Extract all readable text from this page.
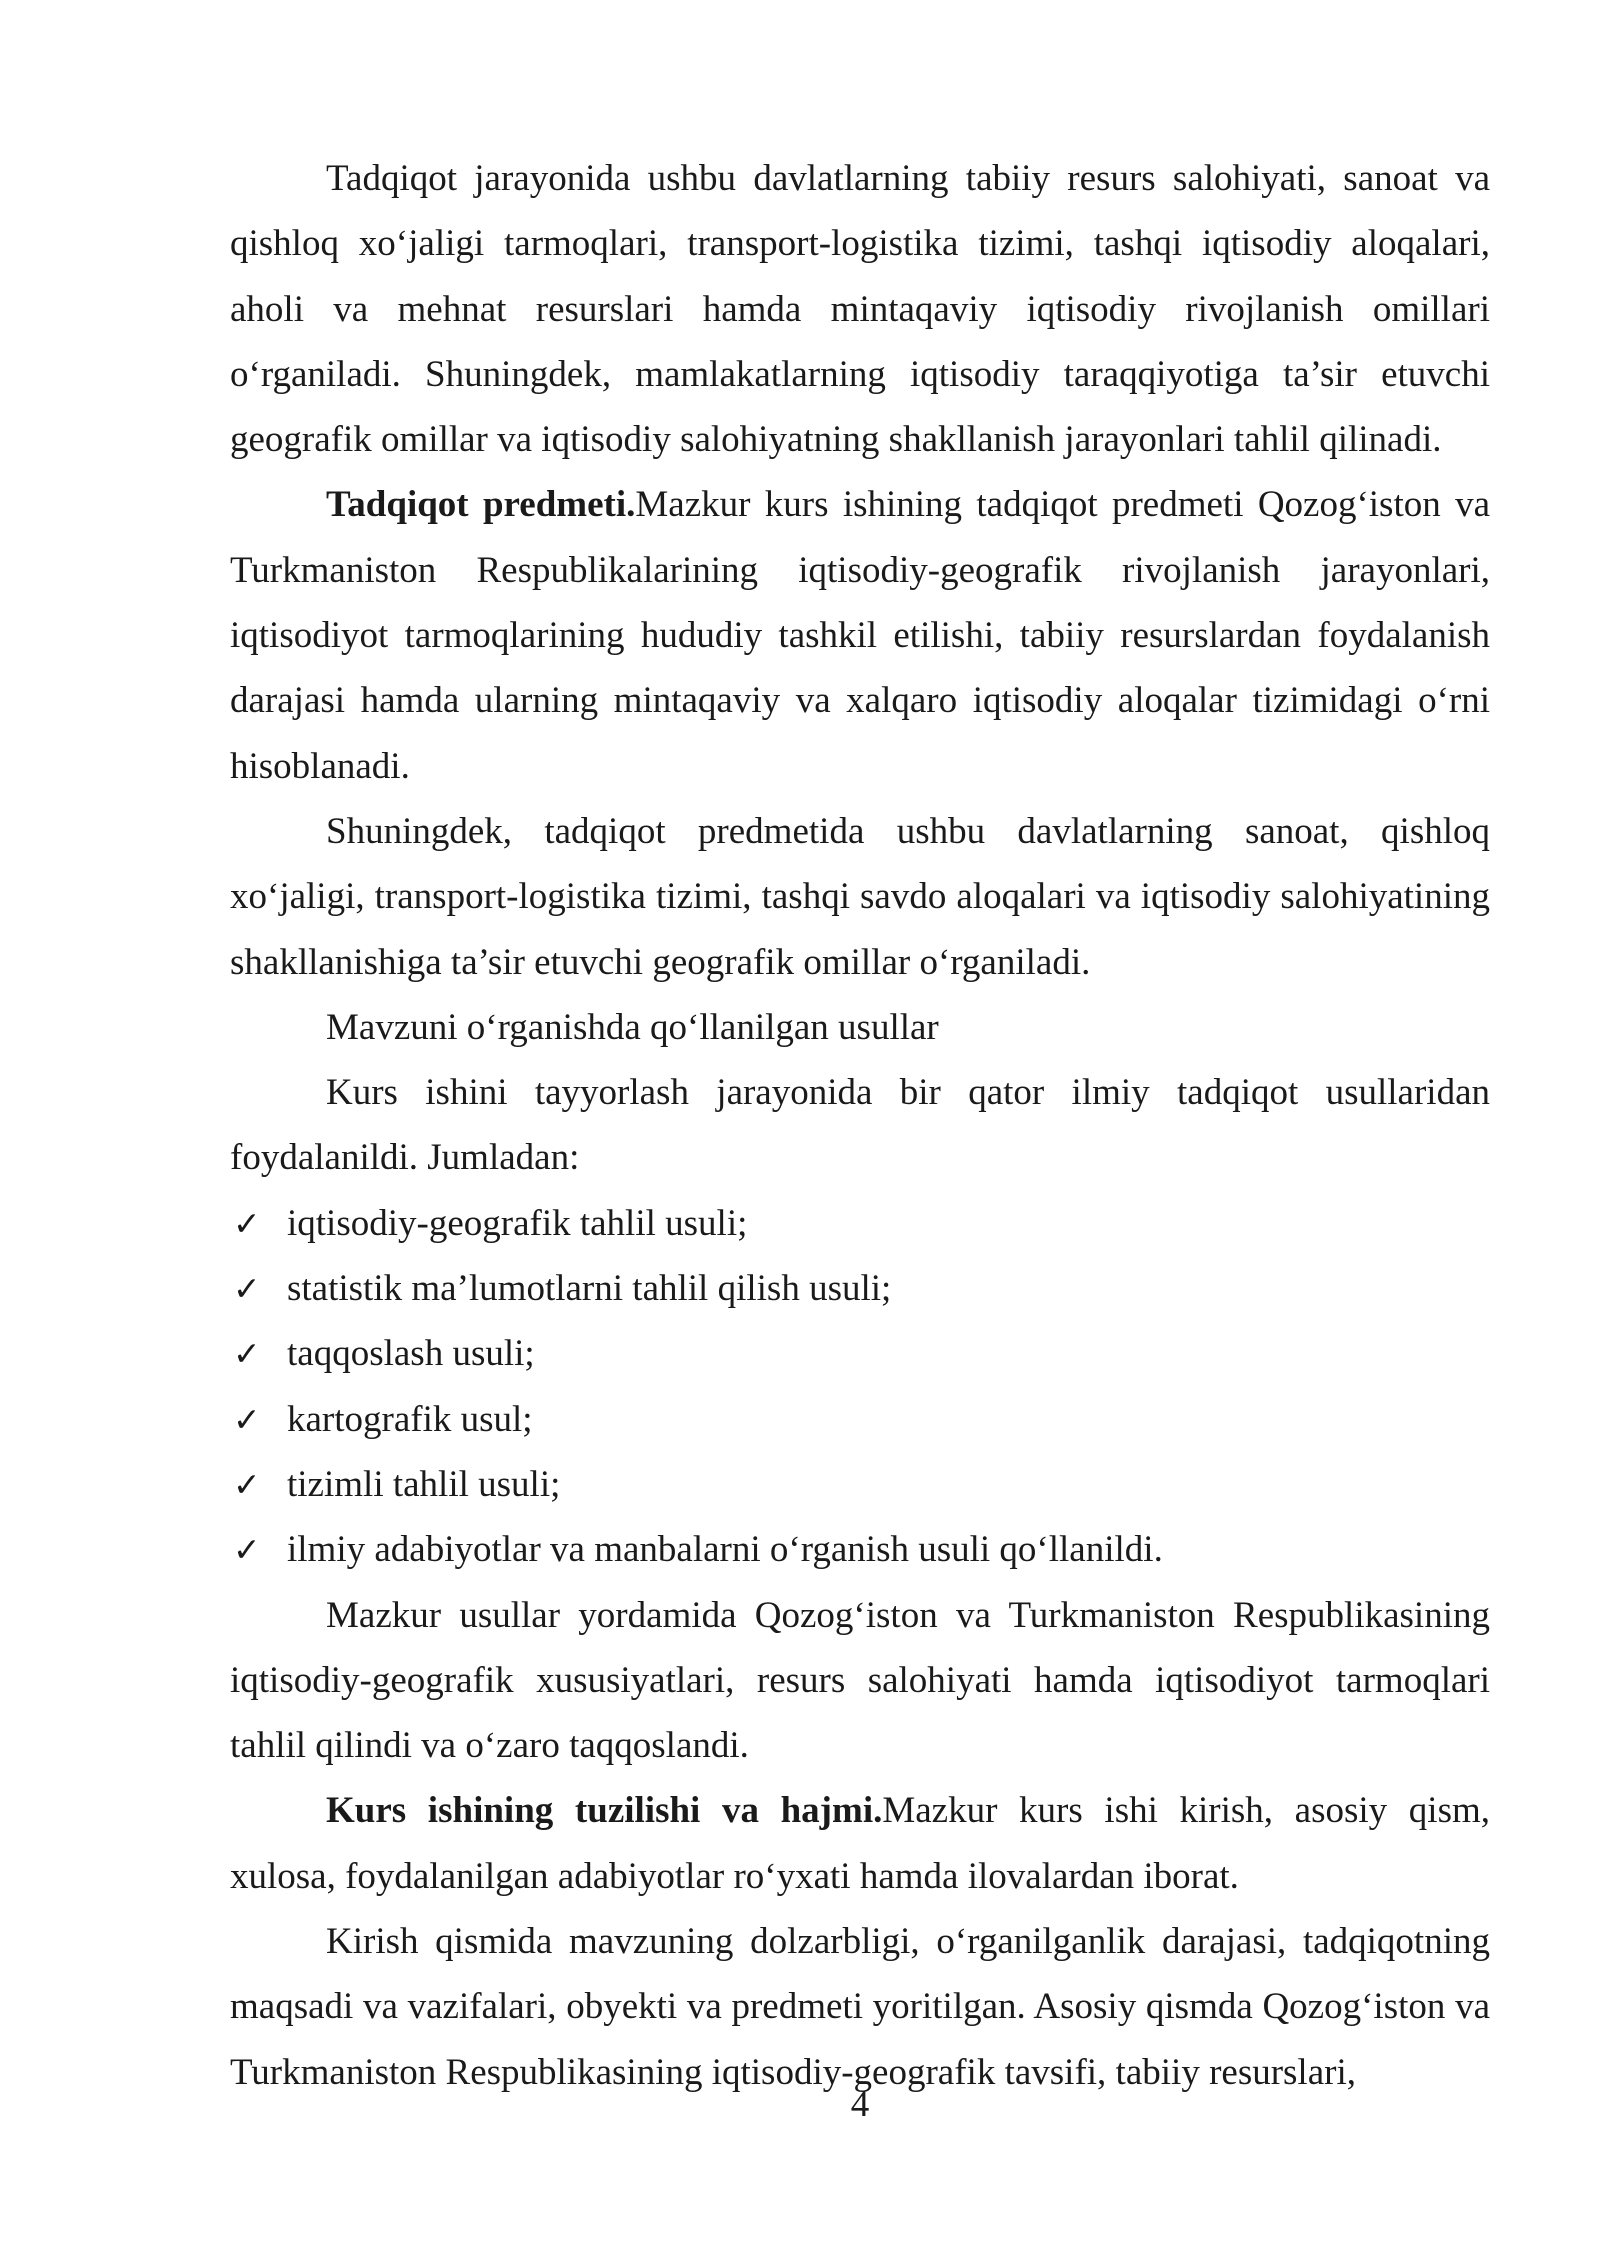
Tadqiqot jarayonida ushbu davlatlarning tabiiy resurs salohiyati, sanoat va qishloq xo‘jaligi tarmoqlari, transport-logistika tizimi, tashqi iqtisodiy aloqalari, aholi va mehnat resurslari hamda mintaqaviy iqtisodiy rivojlanish omillari o‘rganiladi. Shuningdek, mamlakatlarning iqtisodiy taraqqiyotiga ta’sir etuvchi geografik omillar va iqtisodiy salohiyatning shakllanish jarayonlari tahlil qilinadi.

Tadqiqot predmeti.Mazkur kurs ishining tadqiqot predmeti Qozog‘iston va Turkmaniston Respublikalarining iqtisodiy-geografik rivojlanish jarayonlari, iqtisodiyot tarmoqlarining hududiy tashkil etilishi, tabiiy resurslardan foydalanish darajasi hamda ularning mintaqaviy va xalqaro iqtisodiy aloqalar tizimidagi o‘rni hisoblanadi.

Shuningdek, tadqiqot predmetida ushbu davlatlarning sanoat, qishloq xo‘jaligi, transport-logistika tizimi, tashqi savdo aloqalari va iqtisodiy salohiyatining shakllanishiga ta’sir etuvchi geografik omillar o‘rganiladi.

Mavzuni o‘rganishda qo‘llanilgan usullar

Kurs ishini tayyorlash jarayonida bir qator ilmiy tadqiqot usullaridan foydalanildi. Jumladan:

✓ iqtisodiy-geografik tahlil usuli;
✓ statistik ma’lumotlarni tahlil qilish usuli;
✓ taqqoslash usuli;
✓ kartografik usul;
✓ tizimli tahlil usuli;
✓ ilmiy adabiyotlar va manbalarni o‘rganish usuli qo‘llanildi.

Mazkur usullar yordamida Qozog‘iston va Turkmaniston Respublikasining iqtisodiy-geografik xususiyatlari, resurs salohiyati hamda iqtisodiyot tarmoqlari tahlil qilindi va o‘zaro taqqoslandi.

Kurs ishining tuzilishi va hajmi.Mazkur kurs ishi kirish, asosiy qism, xulosa, foydalanilgan adabiyotlar ro‘yxati hamda ilovalardan iborat.

Kirish qismida mavzuning dolzarbligi, o‘rganilganlik darajasi, tadqiqotning maqsadi va vazifalari, obyekti va predmeti yoritilgan. Asosiy qismda Qozog‘iston va Turkmaniston Respublikasining iqtisodiy-geografik tavsifi, tabiiy resurslari,

4
